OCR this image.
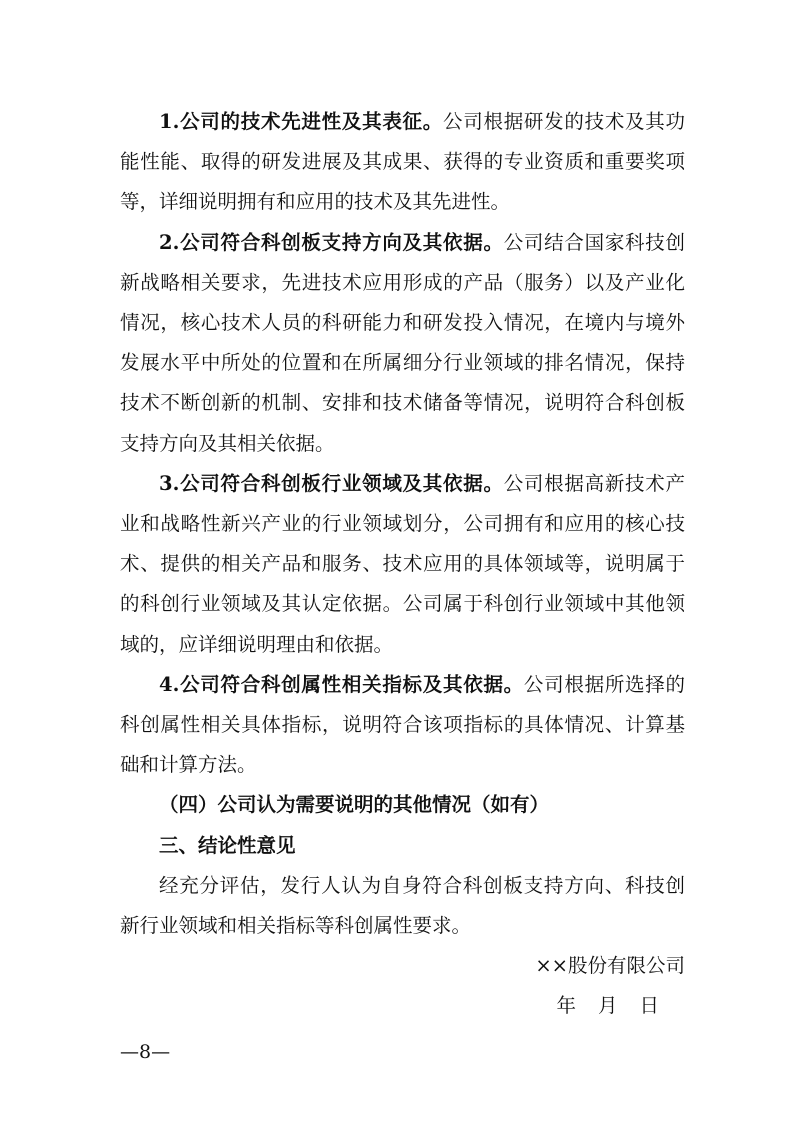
1.公司的技术先进性及其表征。公司根据研发的技术及其功能性能、取得的研发进展及其成果、获得的专业资质和重要奖项等，详细说明拥有和应用的技术及其先进性。

2.公司符合科创板支持方向及其依据。公司结合国家科技创新战略相关要求，先进技术应用形成的产品（服务）以及产业化情况，核心技术人员的科研能力和研发投入情况，在境内与境外发展水平中所处的位置和在所属细分行业领域的排名情况，保持技术不断创新的机制、安排和技术储备等情况，说明符合科创板支持方向及其相关依据。

3.公司符合科创板行业领域及其依据。公司根据高新技术产业和战略性新兴产业的行业领域划分，公司拥有和应用的核心技术、提供的相关产品和服务、技术应用的具体领域等，说明属于的科创行业领域及其认定依据。公司属于科创行业领域中其他领域的，应详细说明理由和依据。

4.公司符合科创属性相关指标及其依据。公司根据所选择的科创属性相关具体指标，说明符合该项指标的具体情况、计算基础和计算方法。

（四）公司认为需要说明的其他情况（如有）

三、结论性意见

经充分评估，发行人认为自身符合科创板支持方向、科技创新行业领域和相关指标等科创属性要求。

××股份有限公司

年 月 日

—8—
